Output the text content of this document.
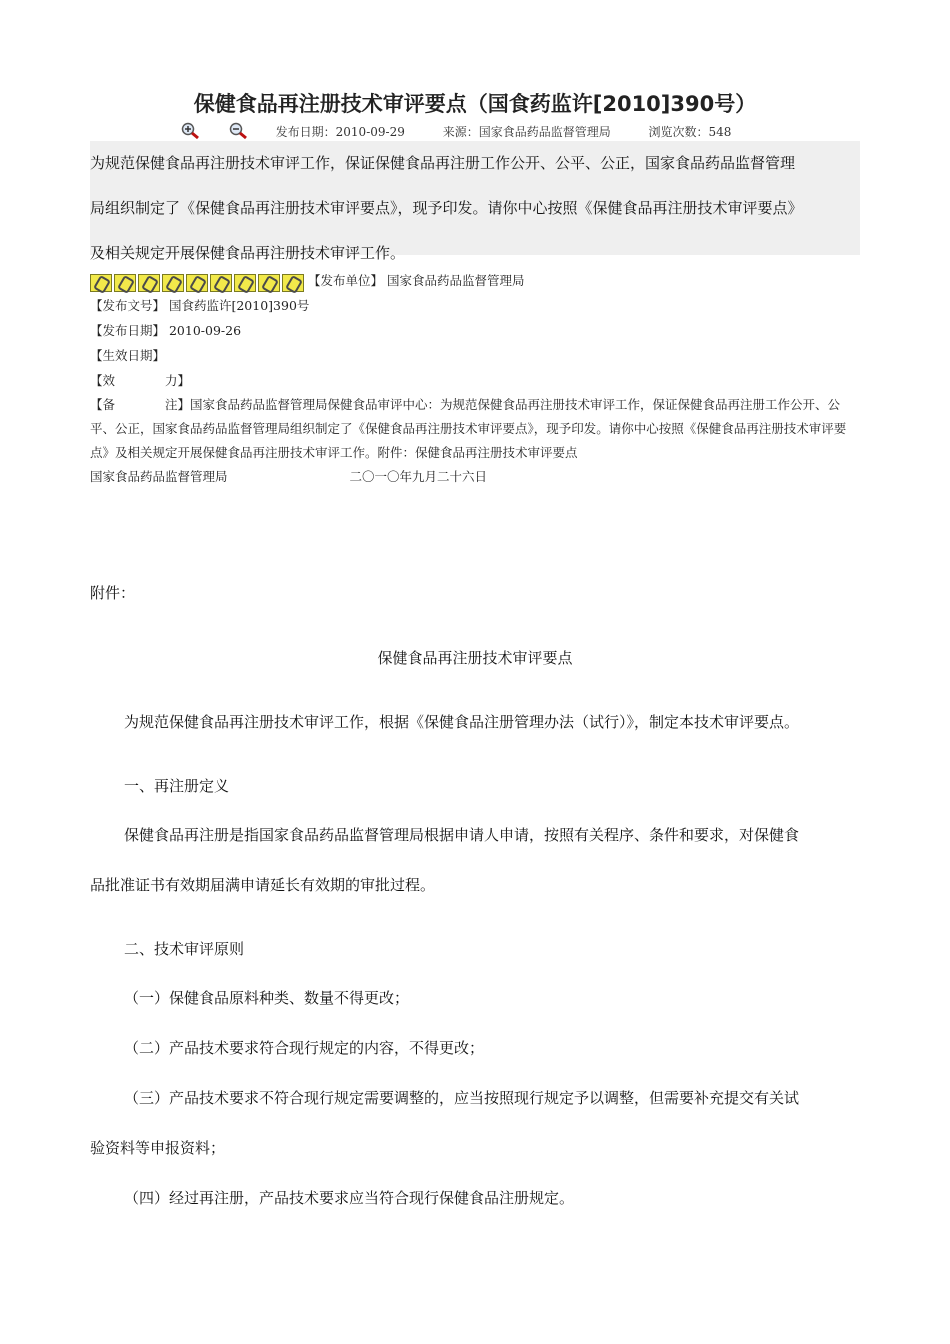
保健食品再注册技术审评要点（国食药监许[2010]390号）
发布日期：2010-09-29	来源：国家食品药品监督管理局	浏览次数：548

为规范保健食品再注册技术审评工作，保证保健食品再注册工作公开、公平、公正，国家食品药品监督管理

局组织制定了《保健食品再注册技术审评要点》，现予印发。请你中心按照《保健食品再注册技术审评要点》

及相关规定开展保健食品再注册技术审评工作。

【发布单位】 国家食品药品监督管理局
【发布文号】 国食药监许[2010]390号
【发布日期】 2010-09-26
【生效日期】
【效　　　　力】
【备　　　　注】国家食品药品监督管理局保健食品审评中心：为规范保健食品再注册技术审评工作，保证保健食品再注册工作公开、公平、公正，国家食品药品监督管理局组织制定了《保健食品再注册技术审评要点》，现予印发。请你中心按照《保健食品再注册技术审评要点》及相关规定开展保健食品再注册技术审评工作。附件：保健食品再注册技术审评要点
国家食品药品监督管理局	二〇一〇年九月二十六日
附件：
保健食品再注册技术审评要点

为规范保健食品再注册技术审评工作，根据《保健食品注册管理办法（试行）》，制定本技术审评要点。

一、再注册定义

保健食品再注册是指国家食品药品监督管理局根据申请人申请，按照有关程序、条件和要求，对保健食

品批准证书有效期届满申请延长有效期的审批过程。

二、技术审评原则

（一）保健食品原料种类、数量不得更改；

（二）产品技术要求符合现行规定的内容，不得更改；

（三）产品技术要求不符合现行规定需要调整的，应当按照现行规定予以调整，但需要补充提交有关试

验资料等申报资料；

（四）经过再注册，产品技术要求应当符合现行保健食品注册规定。
